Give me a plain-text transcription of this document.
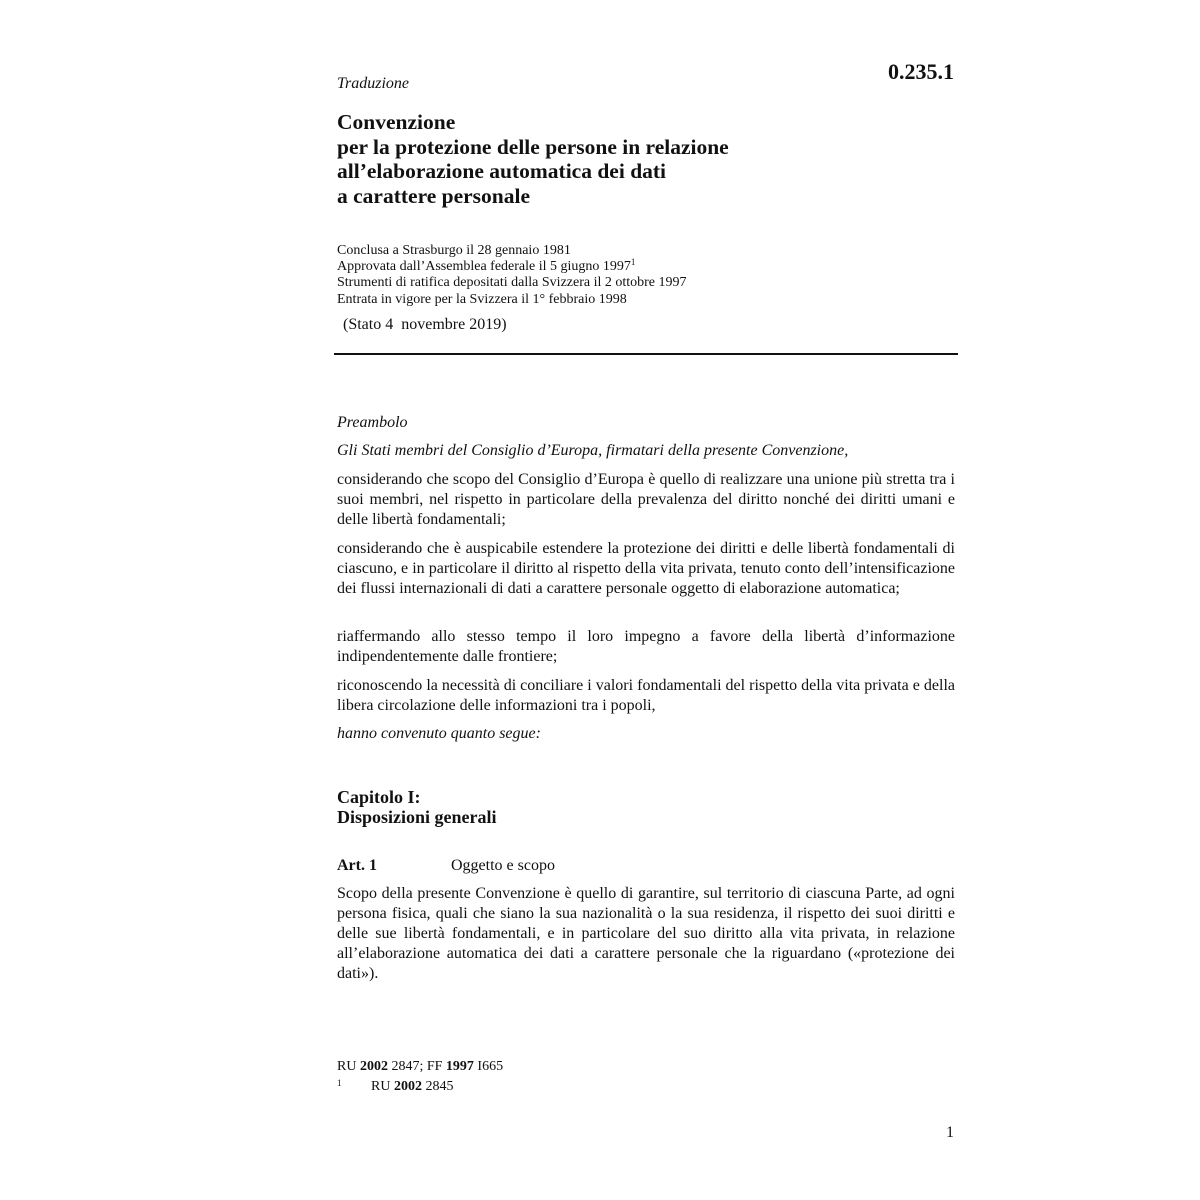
0.235.1
Traduzione
Convenzione
per la protezione delle persone in relazione
all’elaborazione automatica dei dati
a carattere personale
Conclusa a Strasburgo il 28 gennaio 1981
Approvata dall’Assemblea federale il 5 giugno 1997$^1$
Strumenti di ratifica depositati dalla Svizzera il 2 ottobre 1997
Entrata in vigore per la Svizzera il 1° febbraio 1998
(Stato 4  novembre 2019)
Preambolo
Gli Stati membri del Consiglio d’Europa, firmatari della presente Convenzione,
considerando che scopo del Consiglio d’Europa è quello di realizzare una unione più stretta tra i suoi membri, nel rispetto in particolare della prevalenza del diritto nonché dei diritti umani e delle libertà fondamentali;
considerando che è auspicabile estendere la protezione dei diritti e delle libertà fondamentali di ciascuno, e in particolare il diritto al rispetto della vita privata, tenuto conto dell’intensificazione dei flussi internazionali di dati a carattere personale oggetto di elaborazione automatica;
riaffermando allo stesso tempo il loro impegno a favore della libertà d’informazione indipendentemente dalle frontiere;
riconoscendo la necessità di conciliare i valori fondamentali del rispetto della vita privata e della libera circolazione delle informazioni tra i popoli,
hanno convenuto quanto segue:
Capitolo I:
Disposizioni generali
Art. 1	Oggetto e scopo
Scopo della presente Convenzione è quello di garantire, sul territorio di ciascuna Parte, ad ogni persona fisica, quali che siano la sua nazionalità o la sua residenza, il rispetto dei suoi diritti e delle sue libertà fondamentali, e in particolare del suo diritto alla vita privata, in relazione all’elaborazione automatica dei dati a carattere personale che la riguardano («protezione dei dati»).
RU 2002 2847; FF 1997 I665
1 RU 2002 2845
1
